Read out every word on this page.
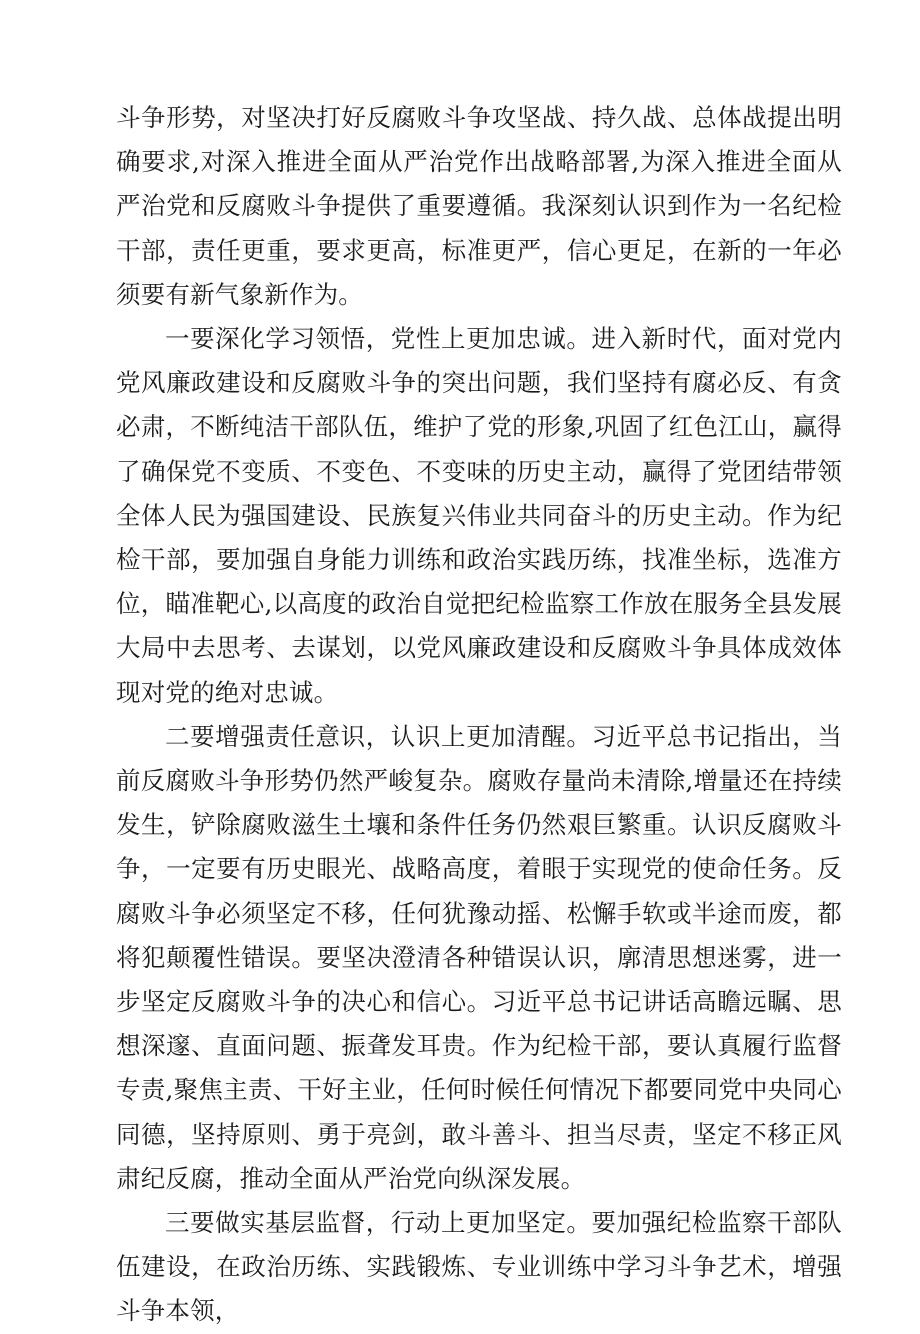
斗争形势，对坚决打好反腐败斗争攻坚战、持久战、总体战提出明确要求,对深入推进全面从严治党作出战略部署,为深入推进全面从严治党和反腐败斗争提供了重要遵循。我深刻认识到作为一名纪检干部，责任更重，要求更高，标准更严，信心更足，在新的一年必须要有新气象新作为。

一要深化学习领悟，党性上更加忠诚。进入新时代，面对党内党风廉政建设和反腐败斗争的突出问题，我们坚持有腐必反、有贪必肃，不断纯洁干部队伍，维护了党的形象,巩固了红色江山，赢得了确保党不变质、不变色、不变味的历史主动，赢得了党团结带领全体人民为强国建设、民族复兴伟业共同奋斗的历史主动。作为纪检干部，要加强自身能力训练和政治实践历练，找准坐标，选准方位，瞄准靶心,以高度的政治自觉把纪检监察工作放在服务全县发展大局中去思考、去谋划，以党风廉政建设和反腐败斗争具体成效体现对党的绝对忠诚。

二要增强责任意识，认识上更加清醒。习近平总书记指出，当前反腐败斗争形势仍然严峻复杂。腐败存量尚未清除,增量还在持续发生，铲除腐败滋生土壤和条件任务仍然艰巨繁重。认识反腐败斗争，一定要有历史眼光、战略高度，着眼于实现党的使命任务。反腐败斗争必须坚定不移，任何犹豫动摇、松懈手软或半途而废，都将犯颠覆性错误。要坚决澄清各种错误认识，廓清思想迷雾，进一步坚定反腐败斗争的决心和信心。习近平总书记讲话高瞻远瞩、思想深邃、直面问题、振聋发耳贵。作为纪检干部，要认真履行监督专责,聚焦主责、干好主业，任何时候任何情况下都要同党中央同心同德，坚持原则、勇于亮剑，敢斗善斗、担当尽责，坚定不移正风肃纪反腐，推动全面从严治党向纵深发展。

三要做实基层监督，行动上更加坚定。要加强纪检监察干部队伍建设，在政治历练、实践锻炼、专业训练中学习斗争艺术，增强斗争本领，
